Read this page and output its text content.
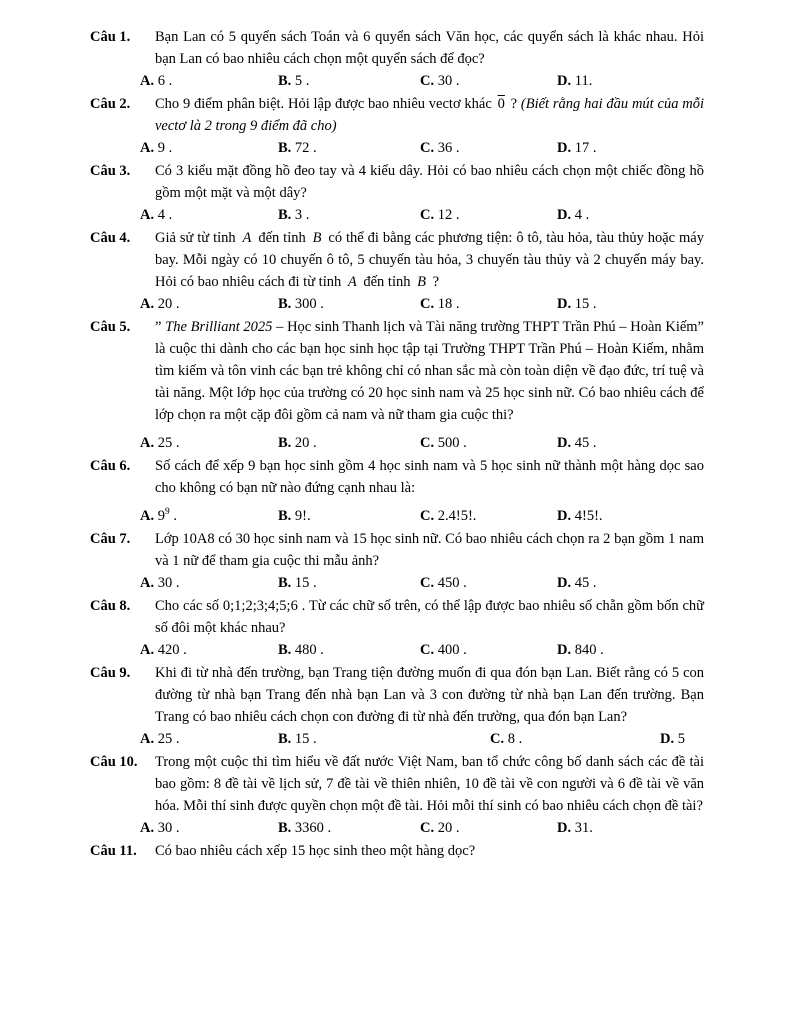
Câu 1. Bạn Lan có 5 quyển sách Toán và 6 quyển sách Văn học, các quyển sách là khác nhau. Hỏi bạn Lan có bao nhiêu cách chọn một quyển sách để đọc?
A. 6 .	B. 5 .	C. 30 .	D. 11.
Câu 2. Cho 9 điểm phân biệt. Hỏi lập được bao nhiêu vectơ khác 0 ? (Biết rằng hai đầu mút của mỗi vectơ là 2 trong 9 điểm đã cho)
A. 9 .	B. 72 .	C. 36 .	D. 17 .
Câu 3. Có 3 kiểu mặt đồng hồ đeo tay và 4 kiểu dây. Hỏi có bao nhiêu cách chọn một chiếc đồng hồ gồm một mặt và một dây?
A. 4 .	B. 3 .	C. 12 .	D. 4 .
Câu 4. Giả sử từ tỉnh A đến tỉnh B có thể đi bằng các phương tiện: ô tô, tàu hỏa, tàu thủy hoặc máy bay. Mỗi ngày có 10 chuyến ô tô, 5 chuyến tàu hỏa, 3 chuyến tàu thủy và 2 chuyến máy bay. Hỏi có bao nhiêu cách đi từ tỉnh A đến tỉnh B ?
A. 20 .	B. 300 .	C. 18 .	D. 15 .
Câu 5. ” The Brilliant 2025 – Học sinh Thanh lịch và Tài năng trường THPT Trần Phú – Hoàn Kiếm” là cuộc thi dành cho các bạn học sinh học tập tại Trường THPT Trần Phú – Hoàn Kiếm, nhằm tìm kiếm và tôn vinh các bạn trẻ không chỉ có nhan sắc mà còn toàn diện về đạo đức, trí tuệ và tài năng. Một lớp học của trường có 20 học sinh nam và 25 học sinh nữ. Có bao nhiêu cách để lớp chọn ra một cặp đôi gồm cả nam và nữ tham gia cuộc thi?
A. 25 .	B. 20 .	C. 500 .	D. 45 .
Câu 6. Số cách để xếp 9 bạn học sinh gồm 4 học sinh nam và 5 học sinh nữ thành một hàng dọc sao cho không có bạn nữ nào đứng cạnh nhau là:
A. $9^9$ .	B. 9!.	C. 2.4!5!.	D. 4!5!.
Câu 7. Lớp 10A8 có 30 học sinh nam và 15 học sinh nữ. Có bao nhiêu cách chọn ra 2 bạn gồm 1 nam và 1 nữ để tham gia cuộc thi mẫu ảnh?
A. 30 .	B. 15 .	C. 450 .	D. 45 .
Câu 8. Cho các số 0;1;2;3;4;5;6 . Từ các chữ số trên, có thể lập được bao nhiêu số chẵn gồm bốn chữ số đôi một khác nhau?
A. 420 .	B. 480 .	C. 400 .	D. 840 .
Câu 9. Khi đi từ nhà đến trường, bạn Trang tiện đường muốn đi qua đón bạn Lan. Biết rằng có 5 con đường từ nhà bạn Trang đến nhà bạn Lan và 3 con đường từ nhà bạn Lan đến trường. Bạn Trang có bao nhiêu cách chọn con đường đi từ nhà đến trường, qua đón bạn Lan?
A. 25 .	B. 15 .	C. 8 .	D. 5
Câu 10. Trong một cuộc thi tìm hiểu về đất nước Việt Nam, ban tổ chức công bố danh sách các đề tài bao gồm: 8 đề tài về lịch sử, 7 đề tài về thiên nhiên, 10 đề tài về con người và 6 đề tài về văn hóa. Mỗi thí sinh được quyền chọn một đề tài. Hỏi mỗi thí sinh có bao nhiêu cách chọn đề tài?
A. 30 .	B. 3360 .	C. 20 .	D. 31.
Câu 11. Có bao nhiêu cách xếp 15 học sinh theo một hàng dọc?
